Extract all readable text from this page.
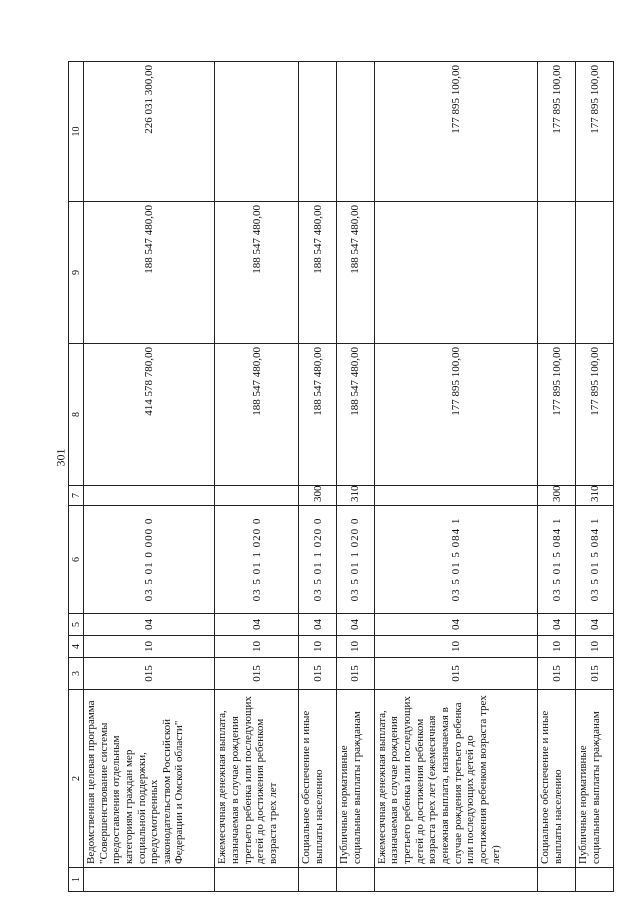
301
1	2	3	4	5	6	7	8	9	10
	Ведомственная целевая программа "Совершенствование системы предоставления отдельным категориям граждан мер социальной поддержки, предусмотренных законодательством Российской Федерации и Омской области"	015	10	04	03 5 01 0 000 0		414 578 780,00	188 547 480,00	226 031 300,00
	Ежемесячная денежная выплата, назначаемая в случае рождения третьего ребенка или последующих детей до достижения ребенком возраста трех лет	015	10	04	03 5 01 1 020 0		188 547 480,00	188 547 480,00	
	Социальное обеспечение и иные выплаты населению	015	10	04	03 5 01 1 020 0	300	188 547 480,00	188 547 480,00	
	Публичные нормативные социальные выплаты гражданам	015	10	04	03 5 01 1 020 0	310	188 547 480,00	188 547 480,00	
	Ежемесячная денежная выплата, назначаемая в случае рождения третьего ребенка или последующих детей до достижения ребенком возраста трех лет (ежемесячная денежная выплата, назначаемая в случае рождения третьего ребенка или последующих детей до достижения ребенком возраста трех лет)	015	10	04	03 5 01 5 084 1		177 895 100,00		177 895 100,00
	Социальное обеспечение и иные выплаты населению	015	10	04	03 5 01 5 084 1	300	177 895 100,00		177 895 100,00
	Публичные нормативные социальные выплаты гражданам	015	10	04	03 5 01 5 084 1	310	177 895 100,00		177 895 100,00
